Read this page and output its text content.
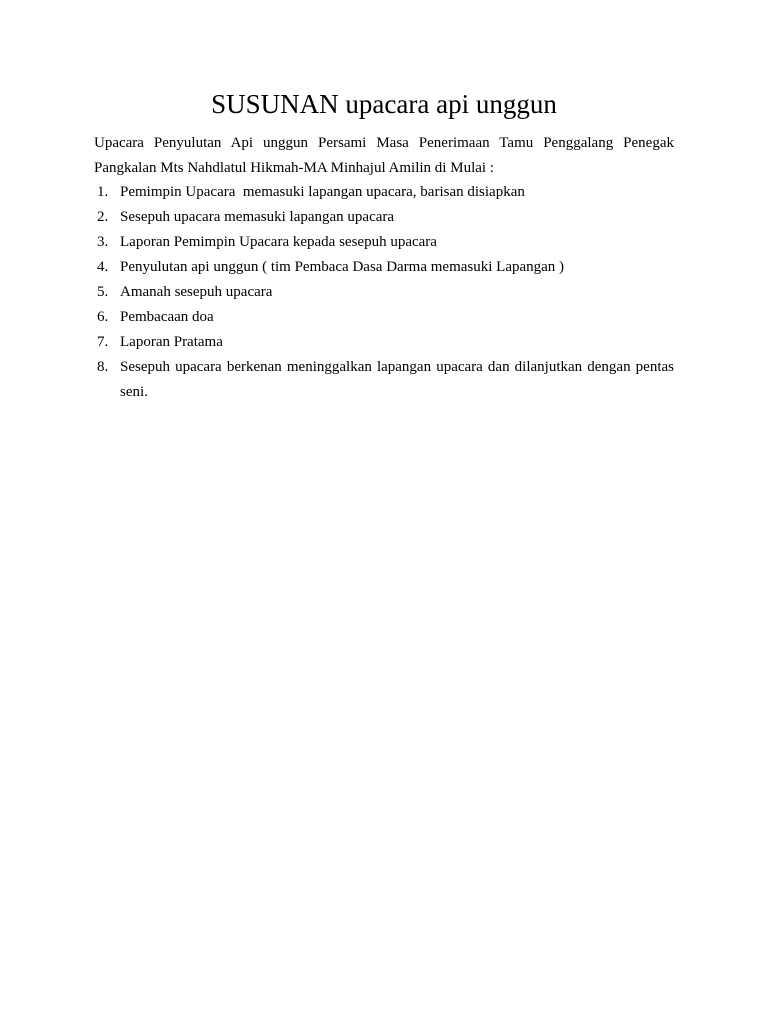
SUSUNAN upacara api unggun

Upacara Penyulutan Api unggun Persami Masa Penerimaan Tamu Penggalang Penegak Pangkalan Mts Nahdlatul Hikmah-MA Minhajul Amilin di Mulai :

1. Pemimpin Upacara  memasuki lapangan upacara, barisan disiapkan
2. Sesepuh upacara memasuki lapangan upacara
3. Laporan Pemimpin Upacara kepada sesepuh upacara
4. Penyulutan api unggun ( tim Pembaca Dasa Darma memasuki Lapangan )
5. Amanah sesepuh upacara
6. Pembacaan doa
7. Laporan Pratama
8. Sesepuh upacara berkenan meninggalkan lapangan upacara dan dilanjutkan dengan pentas seni.
